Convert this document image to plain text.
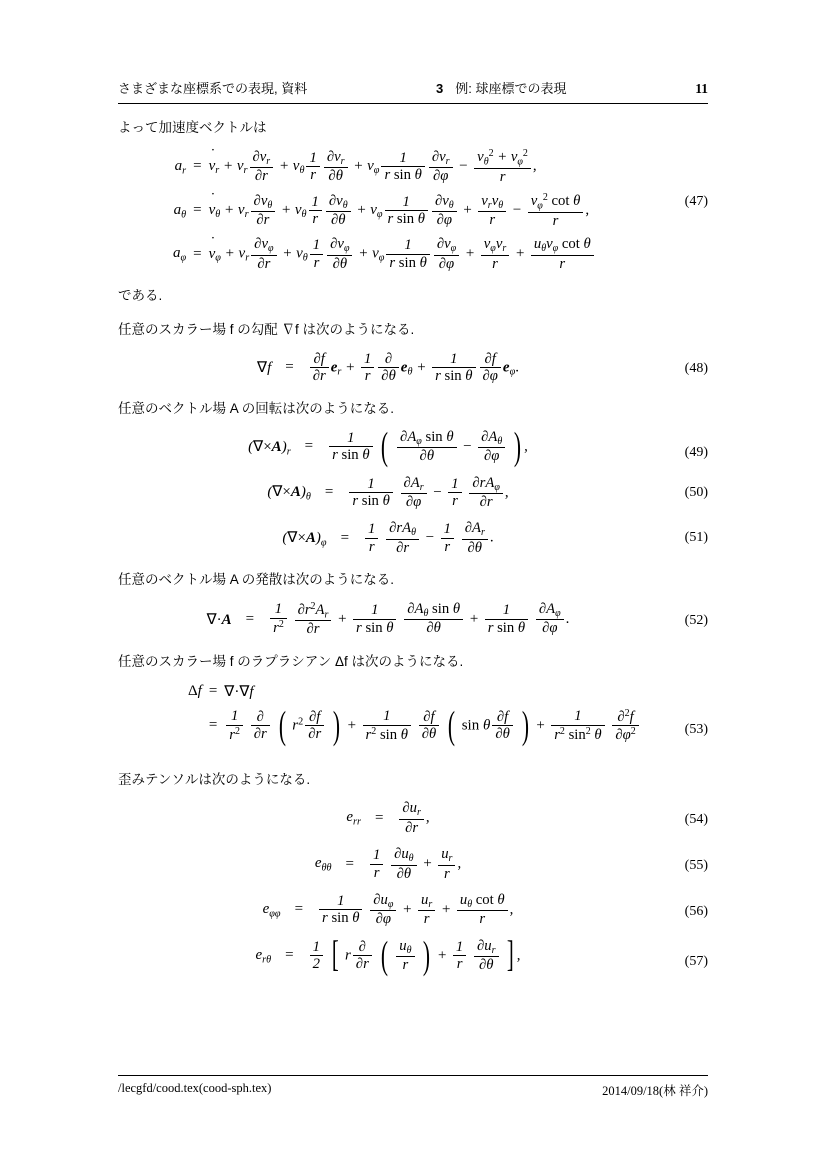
さまざまな座標系での表現, 資料	3 例: 球座標での表現	11
よって加速度ベクトルは
(47)
$a_r = v$ $˙_r + v_r \frac{\partial v_r}{\partial r} + v_\theta \frac{1}{r} \frac{\partial v_r}{\partial\theta} + v_\varphi \frac{1}{\text{r sin θ}} \frac{\partial v_r}{\partial\varphi} - \frac{v_\theta^2 + v_\varphi^2}{r}$ ,
$a_\theta = v$ $˙_\theta + v_r \frac{\partial v_\theta}{\partial r} + v_\theta \frac{1}{r} \frac{\partial v_\theta}{\partial\theta} + v_\varphi \frac{1}{\text{r sin θ}} \frac{\partial v_\theta}{\partial\varphi} + \frac{v_rv_\theta}{r} - \frac{v_\varphi^2 \cot \theta}{r}$ ,
$a_\varphi = v$ $˙_\varphi + v_r \frac{\partial v_\varphi}{\partial r} + v_\theta \frac{1}{r} \frac{\partial v_\varphi}{\partial\theta} + v_\varphi \frac{1}{\text{r sin θ}} \frac{\partial v_\varphi}{\partial\varphi} + \frac{v_\varphi v_r}{r} + \frac{u_\theta v_\varphi \cot \theta}{r}$
である.
任意のスカラー場 f の勾配 ∇f は次のようになる.
(48)
$\nabla f = \frac{\partial f}{\partial r} e_r + \frac{1}{r} \frac{\partial}{\partial\theta} e_\theta + \frac{1}{\text{r sin θ}} \frac{\partial f}{\partial\varphi} e_\varphi$.
任意のベクトル場 A の回転は次のようになる.
(49)
$(\nabla\times A)_r = \frac{1}{\text{r sin θ}}$ ( $\frac{\partial A_\varphi \sin \theta}{\partial\theta} - \frac{\partial A_\theta}{\partial\varphi}$ ) ,
(50)
$(\nabla\times A)_\theta = \frac{1}{\text{r sin θ}}$
$\frac{\partial A_r}{\partial\varphi} - \frac{1}{r}$
$\frac{\partial rA_\varphi}{\partial r}$ ,
(51)
$(\nabla\times A)_\varphi = \frac{1}{r}$
$\frac{\partial rA_\theta}{\partial r} - \frac{1}{r}$
$\frac{\partial A_r}{\partial\theta}$ .
任意のベクトル場 A の発散は次のようになる.
(52)
$\nabla\cdot A = \frac{1}{r^2}$
$\frac{\partial r^2A_r}{\partial r} + \frac{1}{\text{r sin θ}}$
$\frac{\partial A_\theta \sin \theta}{\partial\theta} + \frac{1}{\text{r sin θ}}$
$\frac{\partial A_\varphi}{\partial\varphi}$ .
任意のスカラー場 f のラプラシアン Δf は次のようになる.
(53)
Δf = ∇·∇f
= $\frac{1}{r^2}$
$\frac{\partial}{\partial r}$ ( $r^2 \frac{\partial f}{\partial r}$ ) + $\frac{1}{r^2 \sin \theta}$
$\frac{\partial f}{\partial\theta}$ ( sin θ $\frac{\partial f}{\partial\theta}$ ) + $\frac{1}{r^2 \sin^2 \theta}$
$\frac{\partial^2f}{\partial\varphi^2}$
歪みテンソルは次のようになる.
(54)
$e_{rr} = \frac{\partial u_r}{\partial r}$ ,
(55)
$e_{\theta\theta} = \frac{1}{r}$
$\frac{\partial u_\theta}{\partial\theta} + \frac{u_r}{r}$ ,
(56)
$e_{\varphi\varphi} = \frac{1}{\text{r sin θ}}$
$\frac{\partial u_\varphi}{\partial\varphi} + \frac{u_r}{r} + \frac{u_\theta \cot \theta}{r}$ ,
(57)
$e_{r\theta} = \frac{1}{2}$ [ r $\frac{\partial}{\partial r}$ ( $\frac{u_\theta}{r}$ ) + $\frac{1}{r}$
$\frac{\partial u_r}{\partial\theta}$ ] ,
/lecgfd/cood.tex(cood-sph.tex)	2014/09/18(林 祥介)
